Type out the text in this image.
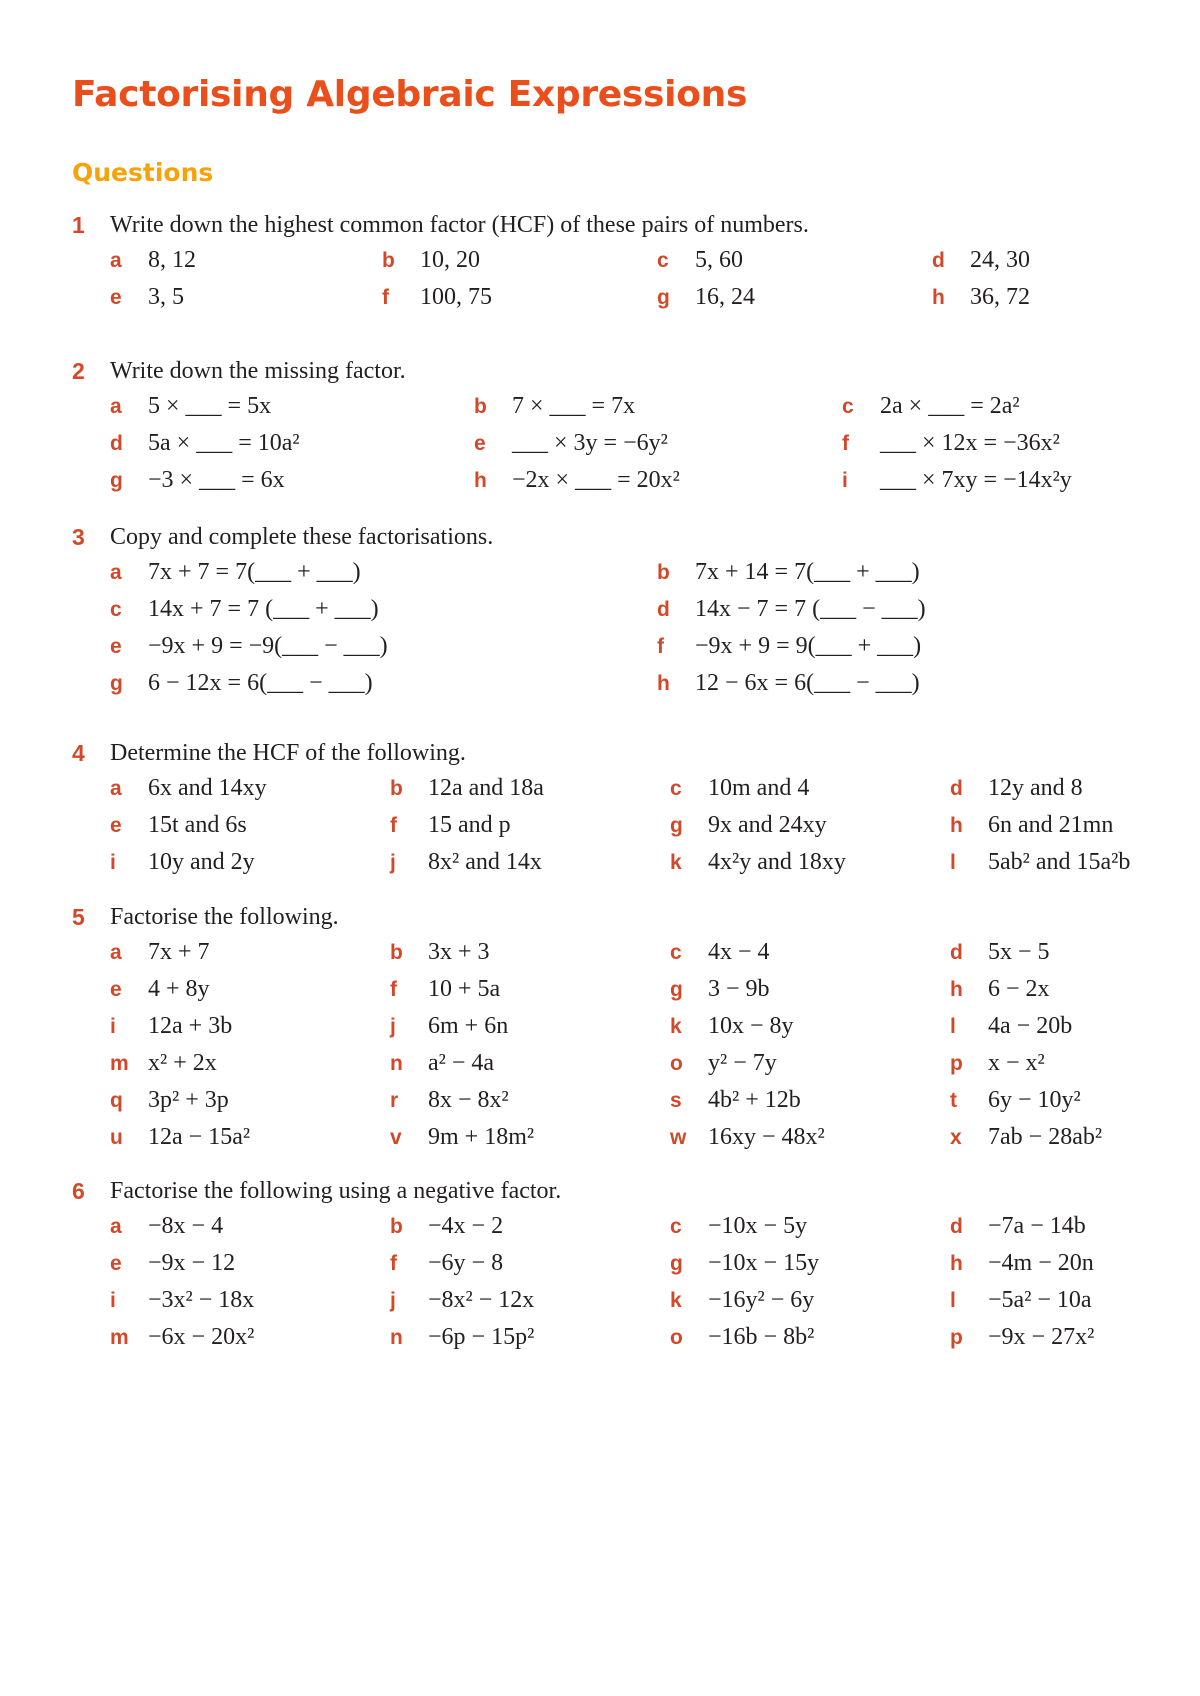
Factorising Algebraic Expressions
Questions
1 Write down the highest common factor (HCF) of these pairs of numbers.
a 8, 12	b 10, 20	c 5, 60	d 24, 30
e 3, 5	f 100, 75	g 16, 24	h 36, 72
2 Write down the missing factor.
a 5 × ___ = 5x	b 7 × ___ = 7x	c 2a × ___ = 2a²
d 5a × ___ = 10a²	e ___ × 3y = −6y²	f ___ × 12x = −36x²
g −3 × ___ = 6x	h −2x × ___ = 20x²	i ___ × 7xy = −14x²y
3 Copy and complete these factorisations.
a 7x + 7 = 7(___ + ___)	b 7x + 14 = 7(___ + ___)
c 14x + 7 = 7 (___ + ___)	d 14x − 7 = 7 (___ − ___)
e −9x + 9 = −9(___ − ___)	f −9x + 9 = 9(___ + ___)
g 6 − 12x = 6(___ − ___)	h 12 − 6x = 6(___ − ___)
4 Determine the HCF of the following.
a 6x and 14xy	b 12a and 18a	c 10m and 4	d 12y and 8
e 15t and 6s	f 15 and p	g 9x and 24xy	h 6n and 21mn
i 10y and 2y	j 8x² and 14x	k 4x²y and 18xy	l 5ab² and 15a²b
5 Factorise the following.
a 7x + 7	b 3x + 3	c 4x − 4	d 5x − 5
e 4 + 8y	f 10 + 5a	g 3 − 9b	h 6 − 2x
i 12a + 3b	j 6m + 6n	k 10x − 8y	l 4a − 20b
m x² + 2x	n a² − 4a	o y² − 7y	p x − x²
q 3p² + 3p	r 8x − 8x²	s 4b² + 12b	t 6y − 10y²
u 12a − 15a²	v 9m + 18m²	w 16xy − 48x²	x 7ab − 28ab²
6 Factorise the following using a negative factor.
a −8x − 4	b −4x − 2	c −10x − 5y	d −7a − 14b
e −9x − 12	f −6y − 8	g −10x − 15y	h −4m − 20n
i −3x² − 18x	j −8x² − 12x	k −16y² − 6y	l −5a² − 10a
m −6x − 20x²	n −6p − 15p²	o −16b − 8b²	p −9x − 27x²
